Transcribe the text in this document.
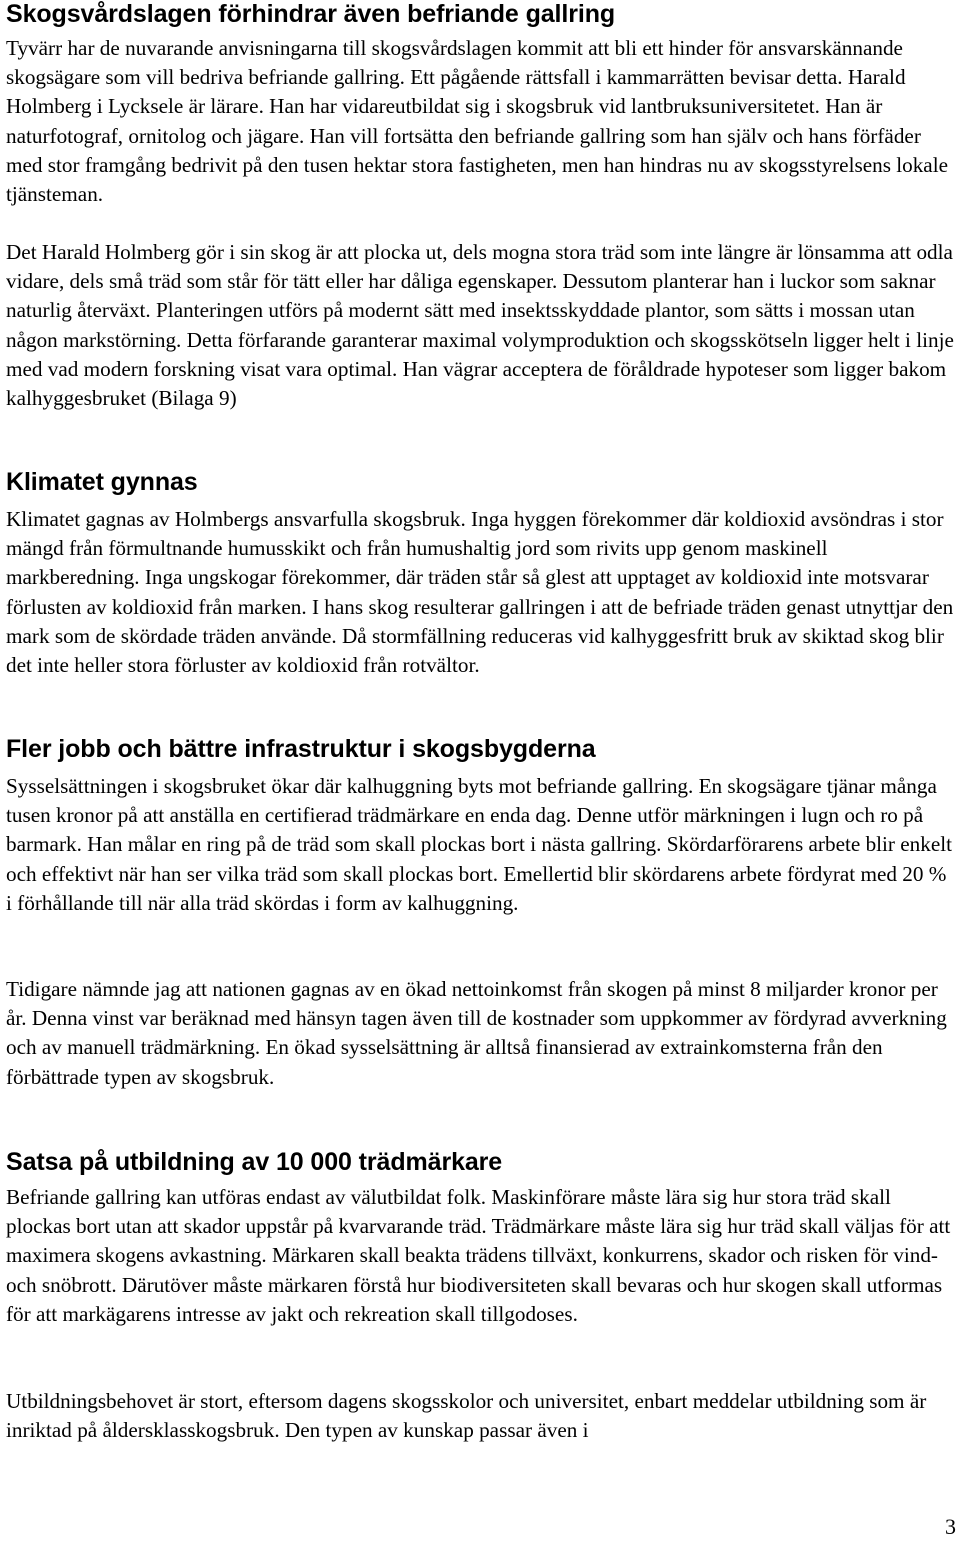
Skogsvårdslagen förhindrar även befriande gallring

Tyvärr har de nuvarande anvisningarna till skogsvårdslagen kommit att bli ett hinder för ansvarskännande skogsägare som vill bedriva befriande gallring. Ett pågående rättsfall i kammarrätten bevisar detta. Harald Holmberg i Lycksele är lärare. Han har vidareutbildat sig i skogsbruk vid lantbruksuniversitetet. Han är naturfotograf, ornitolog och jägare. Han vill fortsätta den befriande gallring som han själv och hans förfäder med stor framgång bedrivit på den tusen hektar stora fastigheten, men han hindras nu av skogsstyrelsens lokale tjänsteman.

Det Harald Holmberg gör i sin skog är att plocka ut, dels mogna stora träd som inte längre är lönsamma att odla vidare, dels små träd som står för tätt eller har dåliga egenskaper. Dessutom planterar han i luckor som saknar naturlig återväxt. Planteringen utförs på modernt sätt med insektsskyddade plantor, som sätts i mossan utan någon markstörning. Detta förfarande garanterar maximal volymproduktion och skogsskötseln ligger helt i linje med vad modern forskning visat vara optimal. Han vägrar acceptera de föråldrade hypoteser som ligger bakom kalhyggesbruket (Bilaga 9)

Klimatet gynnas

Klimatet gagnas av Holmbergs ansvarfulla skogsbruk. Inga hyggen förekommer där koldioxid avsöndras i stor mängd från förmultnande humusskikt och från humushaltig jord som rivits upp genom maskinell markberedning. Inga ungskogar förekommer, där träden står så glest att upptaget av koldioxid inte motsvarar förlusten av koldioxid från marken. I hans skog resulterar gallringen i att de befriade träden genast utnyttjar den mark som de skördade träden använde. Då stormfällning reduceras vid kalhyggesfritt bruk av skiktad skog blir det inte heller stora förluster av koldioxid från rotvältor.

Fler jobb och bättre infrastruktur i skogsbygderna

Sysselsättningen i skogsbruket ökar där kalhuggning byts mot befriande gallring. En skogsägare tjänar många tusen kronor på att anställa en certifierad trädmärkare en enda dag. Denne utför märkningen i lugn och ro på barmark. Han målar en ring på de träd som skall plockas bort i nästa gallring. Skördarförarens arbete blir enkelt och effektivt när han ser vilka träd som skall plockas bort. Emellertid blir skördarens arbete fördyrat med 20 % i förhållande till när alla träd skördas i form av kalhuggning.

Tidigare nämnde jag att nationen gagnas av en ökad nettoinkomst från skogen på minst 8 miljarder kronor per år. Denna vinst var beräknad med hänsyn tagen även till de kostnader som uppkommer av fördyrad avverkning och av manuell trädmärkning. En ökad sysselsättning är alltså finansierad av extrainkomsterna från den förbättrade typen av skogsbruk.

Satsa på utbildning av 10 000 trädmärkare

Befriande gallring kan utföras endast av välutbildat folk. Maskinförare måste lära sig hur stora träd skall plockas bort utan att skador uppstår på kvarvarande träd. Trädmärkare måste lära sig hur träd skall väljas för att maximera skogens avkastning. Märkaren skall beakta trädens tillväxt, konkurrens, skador och risken för vind- och snöbrott. Därutöver måste märkaren förstå hur biodiversiteten skall bevaras och hur skogen skall utformas för att markägarens intresse av jakt och rekreation skall tillgodoses.

Utbildningsbehovet är stort, eftersom dagens skogsskolor och universitet, enbart meddelar utbildning som är inriktad på åldersklasskogsbruk. Den typen av kunskap passar även i

3
